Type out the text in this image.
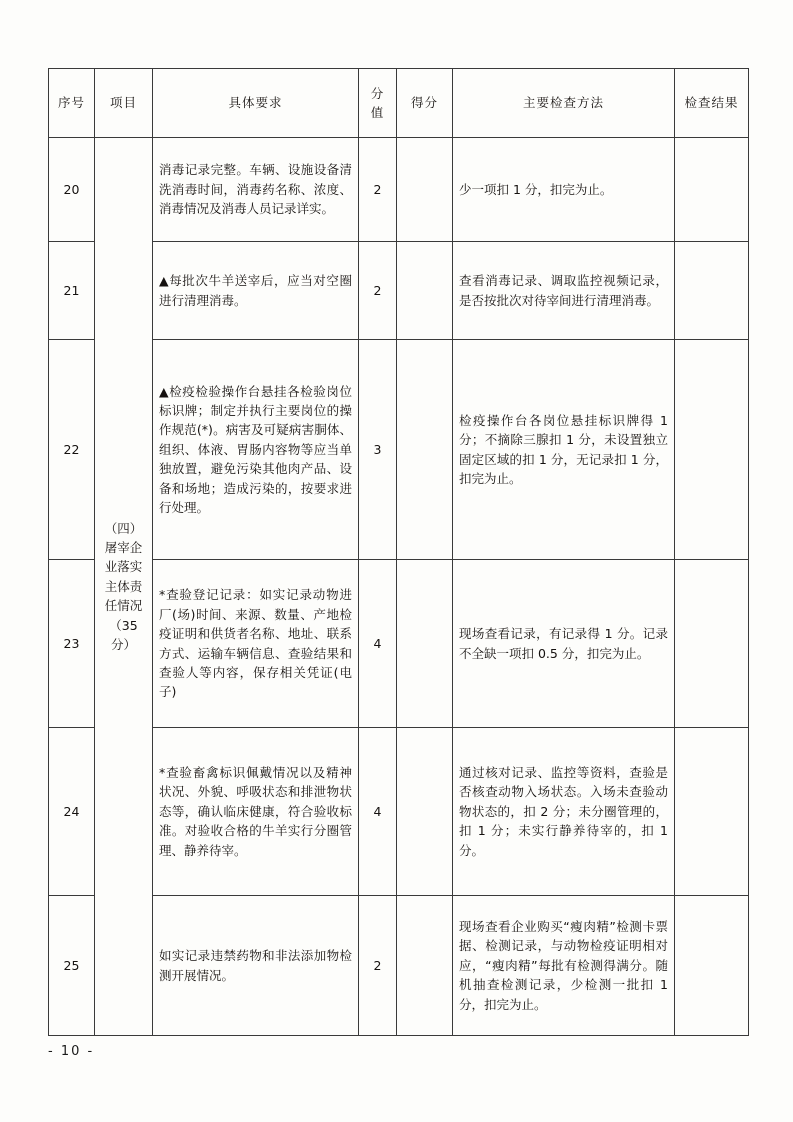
序号	项目	具体要求	分值	得分	主要检查方法	检查结果
20	（四）屠宰企业落实主体责任情况（35分）	消毒记录完整。车辆、设施设备清洗消毒时间，消毒药名称、浓度、消毒情况及消毒人员记录详实。	2		少一项扣 1 分，扣完为止。	
21		▲每批次牛羊送宰后，应当对空圈进行清理消毒。	2		查看消毒记录、调取监控视频记录，是否按批次对待宰间进行清理消毒。	
22		▲检疫检验操作台悬挂各检验岗位标识牌；制定并执行主要岗位的操作规范(*)。病害及可疑病害胴体、组织、体液、胃肠内容物等应当单独放置，避免污染其他肉产品、设备和场地；造成污染的，按要求进行处理。	3		检疫操作台各岗位悬挂标识牌得 1 分；不摘除三腺扣 1 分，未设置独立固定区域的扣 1 分，无记录扣 1 分，扣完为止。	
23		*查验登记记录：如实记录动物进厂(场)时间、来源、数量、产地检疫证明和供货者名称、地址、联系方式、运输车辆信息、查验结果和查验人等内容，保存相关凭证(电子)	4		现场查看记录，有记录得 1 分。记录不全缺一项扣 0.5 分，扣完为止。	
24		*查验畜禽标识佩戴情况以及精神状况、外貌、呼吸状态和排泄物状态等，确认临床健康，符合验收标准。对验收合格的牛羊实行分圈管理、静养待宰。	4		通过核对记录、监控等资料，查验是否核查动物入场状态。入场未查验动物状态的，扣 2 分；未分圈管理的，扣 1 分；未实行静养待宰的，扣 1 分。	
25		如实记录违禁药物和非法添加物检测开展情况。	2		现场查看企业购买“瘦肉精”检测卡票据、检测记录，与动物检疫证明相对应，“瘦肉精”每批有检测得满分。随机抽查检测记录，少检测一批扣 1 分，扣完为止。	
- 10 -
